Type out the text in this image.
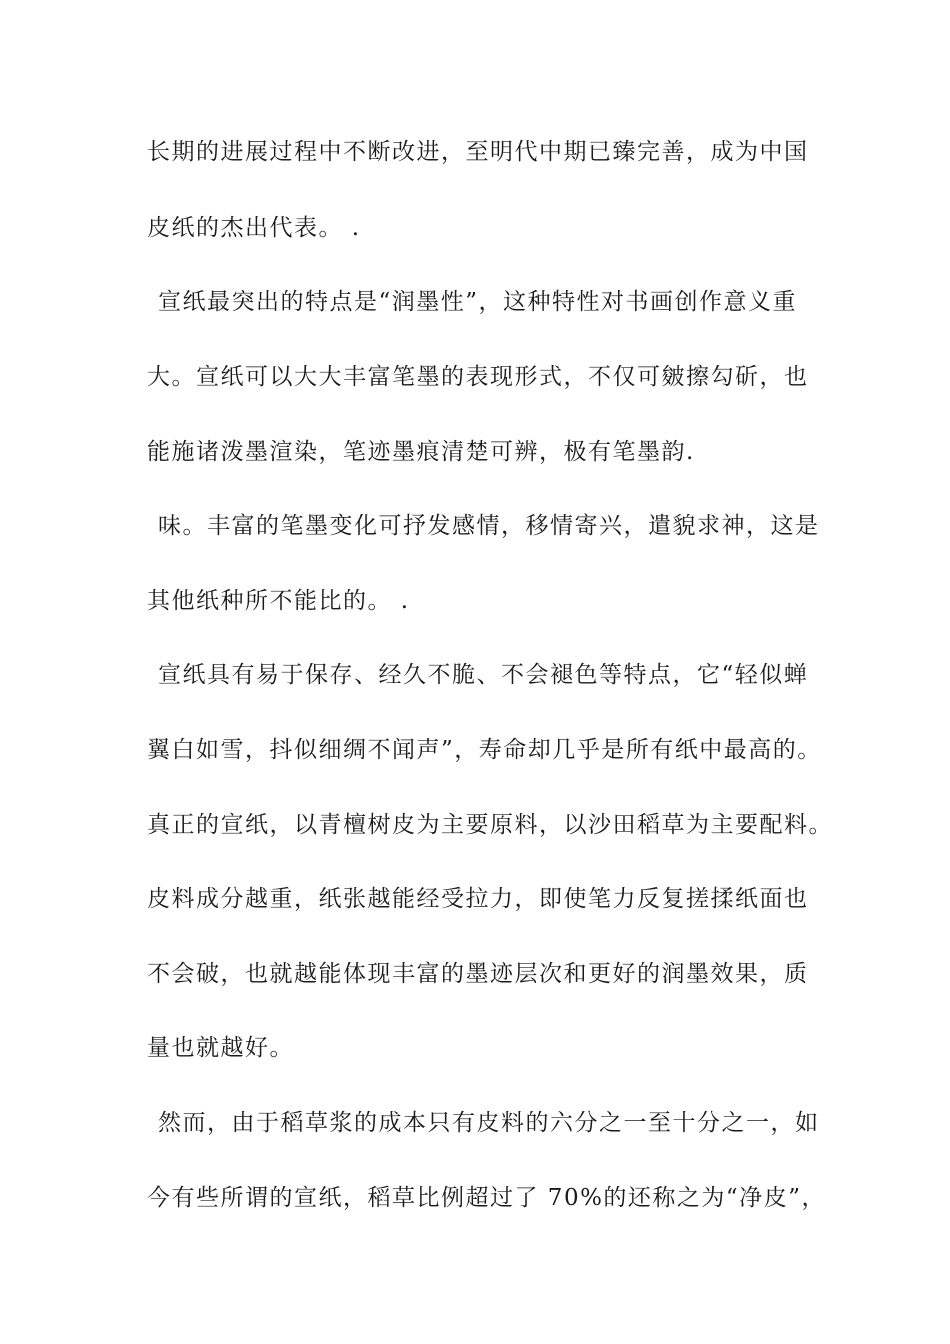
长期的进展过程中不断改进，至明代中期已臻完善，成为中国

皮纸的杰出代表。 .

宣纸最突出的特点是“润墨性”，这种特性对书画创作意义重

大。宣纸可以大大丰富笔墨的表现形式，不仅可皴擦勾斫，也

能施诸泼墨渲染，笔迹墨痕清楚可辨，极有笔墨韵.

味。丰富的笔墨变化可抒发感情，移情寄兴，遣貌求神，这是

其他纸种所不能比的。 .

宣纸具有易于保存、经久不脆、不会褪色等特点，它“轻似蝉

翼白如雪，抖似细绸不闻声”，寿命却几乎是所有纸中最高的。

真正的宣纸，以青檀树皮为主要原料，以沙田稻草为主要配料。

皮料成分越重，纸张越能经受拉力，即使笔力反复搓揉纸面也

不会破，也就越能体现丰富的墨迹层次和更好的润墨效果，质

量也就越好。

然而，由于稻草浆的成本只有皮料的六分之一至十分之一，如

今有些所谓的宣纸，稻草比例超过了 70%的还称之为“净皮”，
